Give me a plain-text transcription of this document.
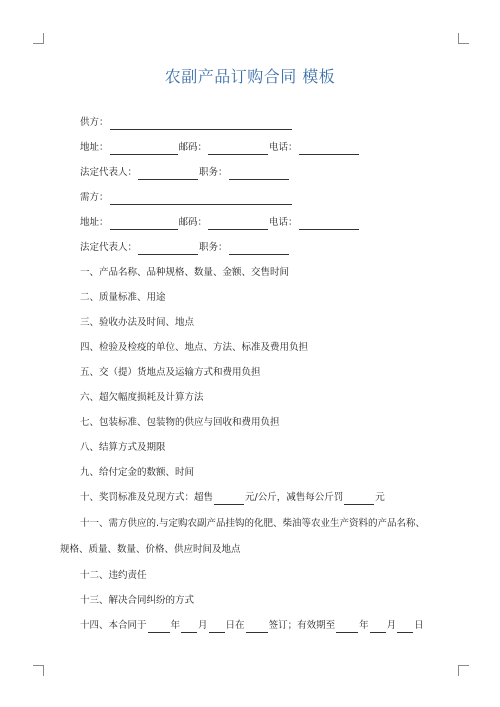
农副产品订购合同 模板
供方：
地址：	邮码：	电话：
法定代表人：	职务：
需方：
地址：	邮码：	电话：
法定代表人：	职务：
一、产品名称、品种规格、数量、金额、交售时间
二、质量标准、用途
三、验收办法及时间、地点
四、检验及检疫的单位、地点、方法、标准及费用负担
五、交（提）货地点及运输方式和费用负担
六、超欠幅度损耗及计算方法
七、包装标准、包装物的供应与回收和费用负担
八、结算方式及期限
九、给付定金的数额、时间
十、奖罚标准及兑现方式：超售	元/公斤，减售每公斤罚	元
十一、需方供应的.与定购农副产品挂钩的化肥、柴油等农业生产资料的产品名称、
规格、质量、数量、价格、供应时间及地点
十二、违约责任
十三、解决合同纠纷的方式
十四、本合同于	年 月 日在	签订；有效期至	年 月 日
